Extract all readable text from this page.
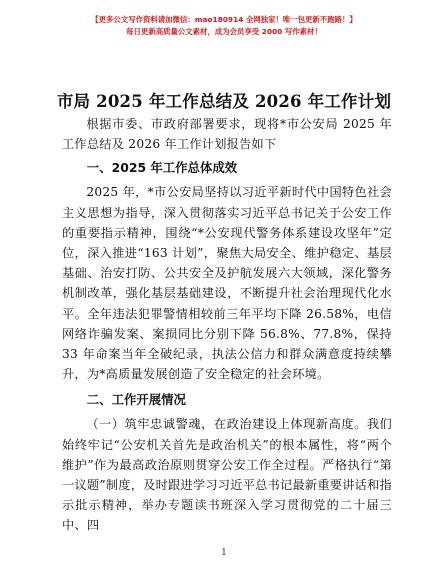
【更多公文写作资料请加微信：mao180914 全网独家！唯一包更新不跑路！】
每日更新高质量公文素材，成为会员享受 2000 写作素材！
市局 2025 年工作总结及 2026 年工作计划

根据市委、市政府部署要求，现将*市公安局 2025 年工作总结及 2026 年工作计划报告如下

一、2025 年工作总体成效

2025 年，*市公安局坚持以习近平新时代中国特色社会主义思想为指导，深入贯彻落实习近平总书记关于公安工作的重要指示精神，围绕“*公安现代警务体系建设攻坚年”定位，深入推进“163 计划”，聚焦大局安全、维护稳定、基层基础、治安打防、公共安全及护航发展六大领域，深化警务机制改革，强化基层基础建设，不断提升社会治理现代化水平。全年违法犯罪警情相较前三年平均下降 26.58%，电信网络诈骗发案、案损同比分别下降 56.8%、77.8%，保持 33 年命案当年全破纪录，执法公信力和群众满意度持续攀升，为*高质量发展创造了安全稳定的社会环境。

二、工作开展情况

（一）筑牢忠诚警魂，在政治建设上体现新高度。我们始终牢记“公安机关首先是政治机关”的根本属性，将“两个维护”作为最高政治原则贯穿公安工作全过程。严格执行“第一议题”制度，及时跟进学习习近平总书记最新重要讲话和指示批示精神，举办专题读书班深入学习贯彻党的二十届三中、四

1
